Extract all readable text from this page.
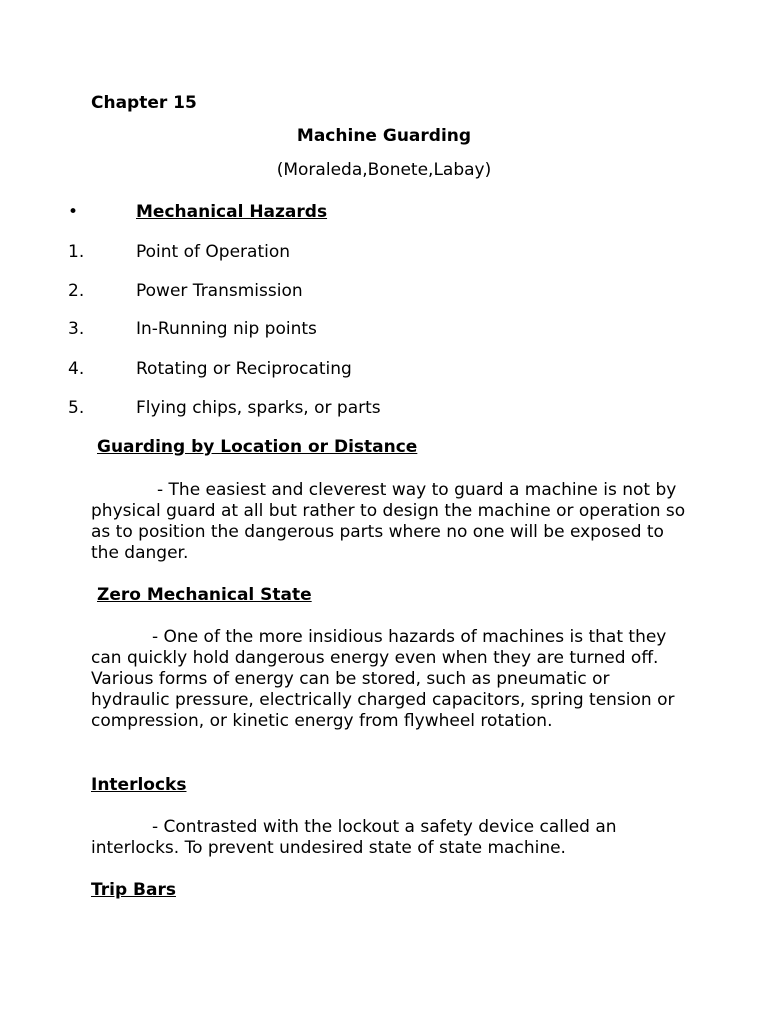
Chapter 15
Machine Guarding
(Moraleda,Bonete,Labay)
•	Mechanical Hazards
1.	Point of Operation
2.	Power Transmission
3.	In-Running nip points
4.	Rotating or Reciprocating
5.	Flying chips, sparks, or parts
Guarding by Location or Distance
- The easiest and cleverest way to guard a machine is not by physical guard at all but rather to design the machine or operation so as to position the dangerous parts where no one will be exposed to the danger.
Zero Mechanical State
- One of the more insidious hazards of machines is that they can quickly hold dangerous energy even when they are turned off. Various forms of energy can be stored, such as pneumatic or hydraulic pressure, electrically charged capacitors, spring tension or compression, or kinetic energy from flywheel rotation.
Interlocks
- Contrasted with the lockout a safety device called an interlocks. To prevent undesired state of state machine.
Trip Bars
